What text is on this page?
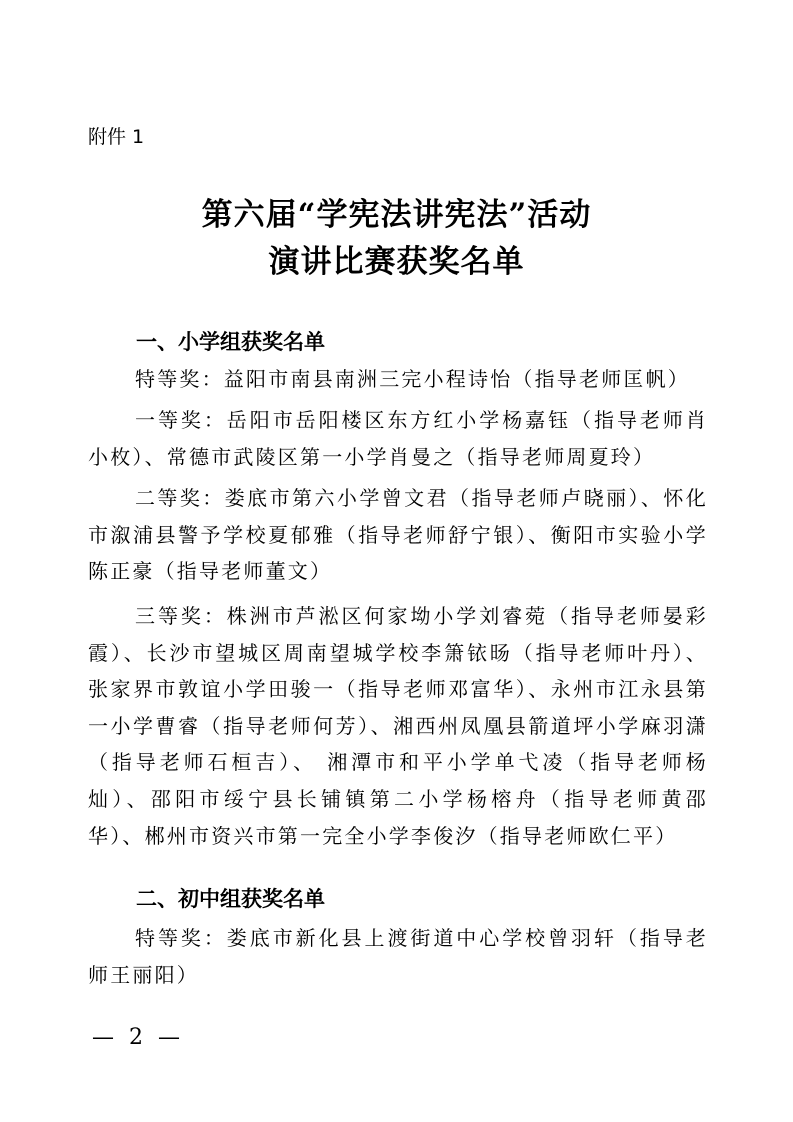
附件 1
第六届“学宪法讲宪法”活动
演讲比赛获奖名单
一、小学组获奖名单
特等奖：益阳市南县南洲三完小程诗怡（指导老师匡帆）
一等奖：岳阳市岳阳楼区东方红小学杨嘉钰（指导老师肖小枚）、常德市武陵区第一小学肖曼之（指导老师周夏玲）
二等奖：娄底市第六小学曾文君（指导老师卢晓丽）、怀化市溆浦县警予学校夏郁雅（指导老师舒宁银）、衡阳市实验小学陈正豪（指导老师董文）
三等奖：株洲市芦淞区何家坳小学刘睿菀（指导老师晏彩霞）、长沙市望城区周南望城学校李箫铱旸（指导老师叶丹）、张家界市敦谊小学田骏一（指导老师邓富华）、永州市江永县第一小学曹睿（指导老师何芳）、湘西州凤凰县箭道坪小学麻羽潇（指导老师石桓吉）、 湘潭市和平小学单弋凌（指导老师杨灿）、邵阳市绥宁县长铺镇第二小学杨榕舟（指导老师黄邵华）、郴州市资兴市第一完全小学李俊汐（指导老师欧仁平）
二、初中组获奖名单
特等奖：娄底市新化县上渡街道中心学校曾羽轩（指导老师王丽阳）
— 2 —
